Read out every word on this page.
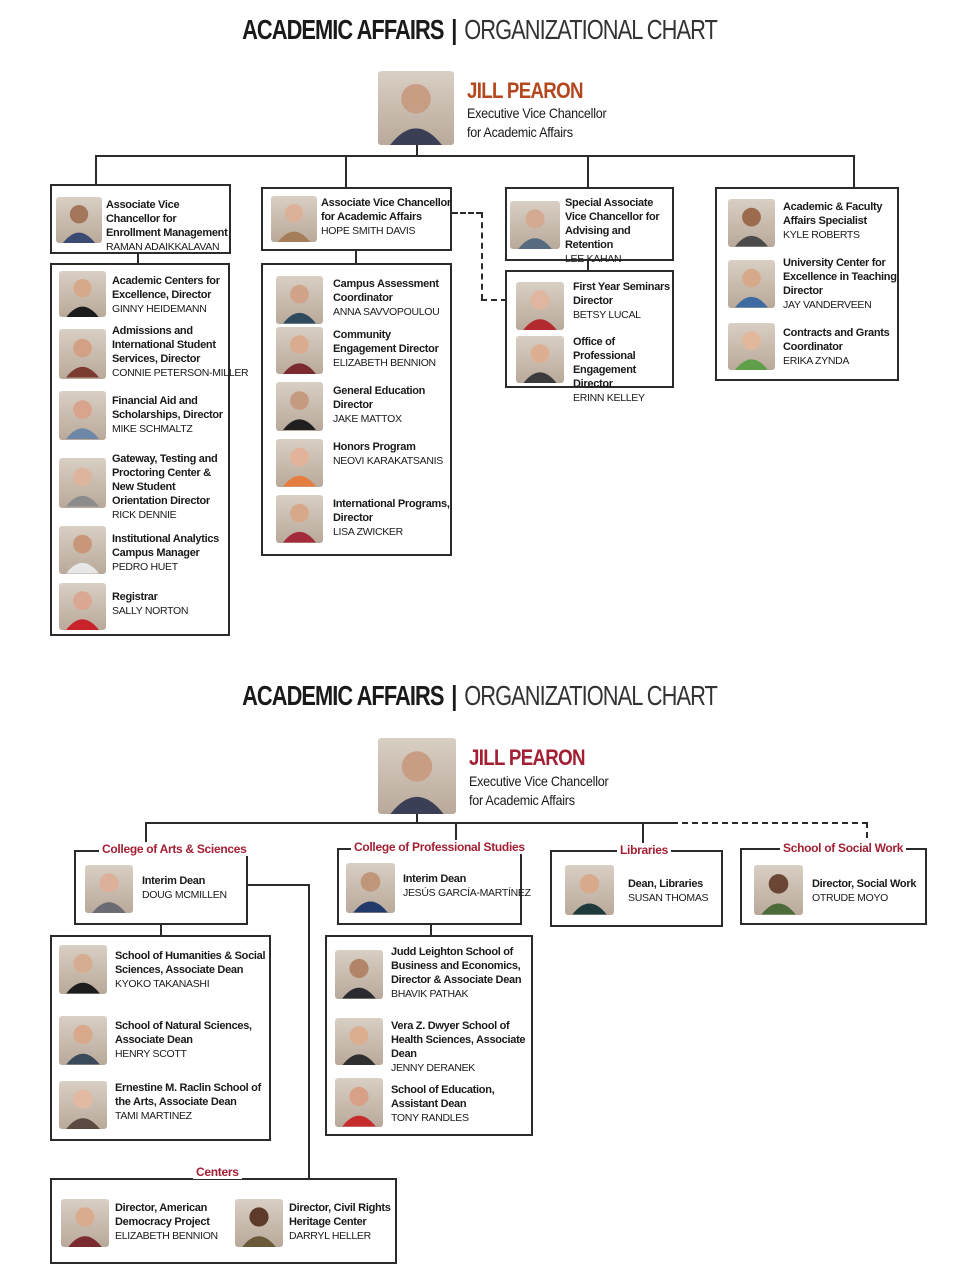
ACADEMIC AFFAIRS | ORGANIZATIONAL CHART
JILL PEARON
Executive Vice Chancellor
for Academic Affairs
Associate Vice Chancellor for Enrollment Management
RAMAN ADAIKKALAVAN
Academic Centers for Excellence, Director
GINNY HEIDEMANN
Admissions and International Student Services, Director
CONNIE PETERSON-MILLER
Financial Aid and Scholarships, Director
MIKE SCHMALTZ
Gateway, Testing and Proctoring Center & New Student Orientation Director
RICK DENNIE
Institutional Analytics Campus Manager
PEDRO HUET
Registrar
SALLY NORTON
Associate Vice Chancellor for Academic Affairs
HOPE SMITH DAVIS
Campus Assessment Coordinator
ANNA SAVVOPOULOU
Community Engagement Director
ELIZABETH BENNION
General Education Director
JAKE MATTOX
Honors Program
NEOVI KARAKATSANIS
International Programs, Director
LISA ZWICKER
Special Associate Vice Chancellor for Advising and Retention
LEE KAHAN
First Year Seminars Director
BETSY LUCAL
Office of Professional Engagement Director
ERINN KELLEY
Academic & Faculty Affairs Specialist
KYLE ROBERTS
University Center for Excellence in Teaching Director
JAY VANDERVEEN
Contracts and Grants Coordinator
ERIKA ZYNDA
ACADEMIC AFFAIRS | ORGANIZATIONAL CHART
JILL PEARON
Executive Vice Chancellor
for Academic Affairs
Interim Dean
DOUG MCMILLEN
College of Arts & Sciences
School of Humanities & Social Sciences, Associate Dean
KYOKO TAKANASHI
School of Natural Sciences, Associate Dean
HENRY SCOTT
Ernestine M. Raclin School of the Arts, Associate Dean
TAMI MARTINEZ
Interim Dean
JESÚS GARCÍA-MARTÍNEZ
College of Professional Studies
Judd Leighton School of Business and Economics, Director & Associate Dean
BHAVIK PATHAK
Vera Z. Dwyer School of Health Sciences, Associate Dean
JENNY DERANEK
School of Education, Assistant Dean
TONY RANDLES
Dean, Libraries
SUSAN THOMAS
Libraries
Director, Social Work
OTRUDE MOYO
School of Social Work
Director, American Democracy Project
ELIZABETH BENNION
Director, Civil Rights Heritage Center
DARRYL HELLER
Centers
